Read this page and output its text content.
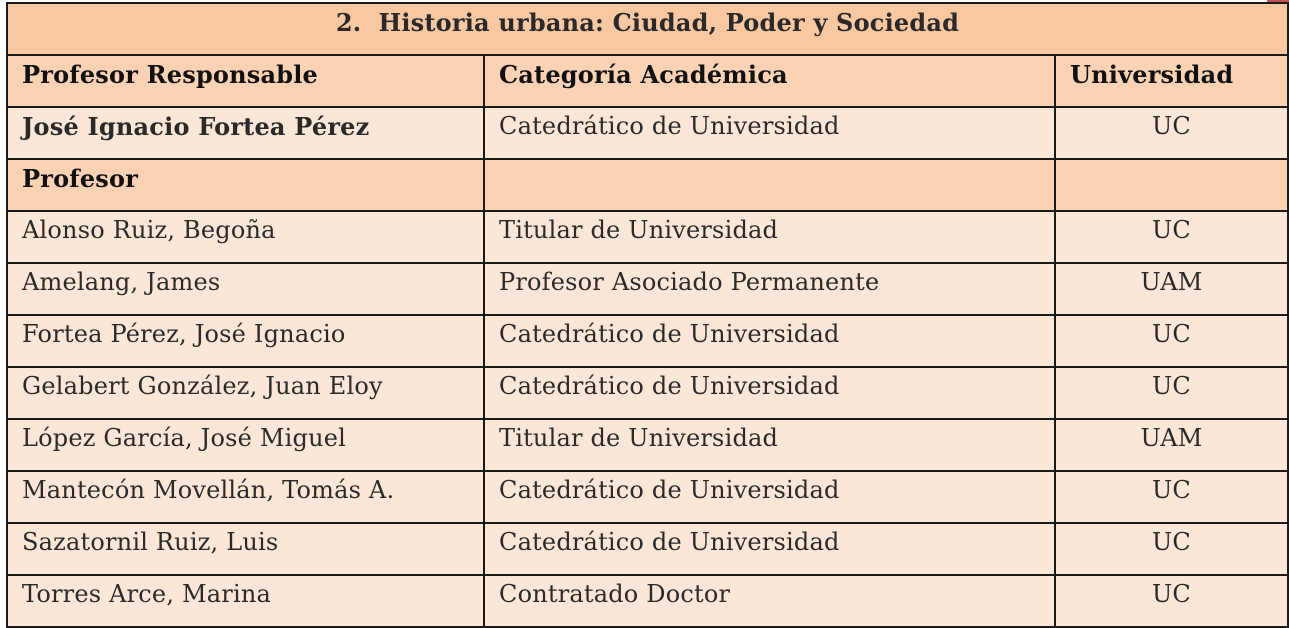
2. Historia urbana: Ciudad, Poder y Sociedad		
Profesor Responsable	Categoría Académica	Universidad
José Ignacio Fortea Pérez	Catedrático de Universidad	UC
Profesor		
Alonso Ruiz, Begoña	Titular de Universidad	UC
Amelang, James	Profesor Asociado Permanente	UAM
Fortea Pérez, José Ignacio	Catedrático de Universidad	UC
Gelabert González, Juan Eloy	Catedrático de Universidad	UC
López García, José Miguel	Titular de Universidad	UAM
Mantecón Movellán, Tomás A.	Catedrático de Universidad	UC
Sazatornil Ruiz, Luis	Catedrático de Universidad	UC
Torres Arce, Marina	Contratado Doctor	UC
